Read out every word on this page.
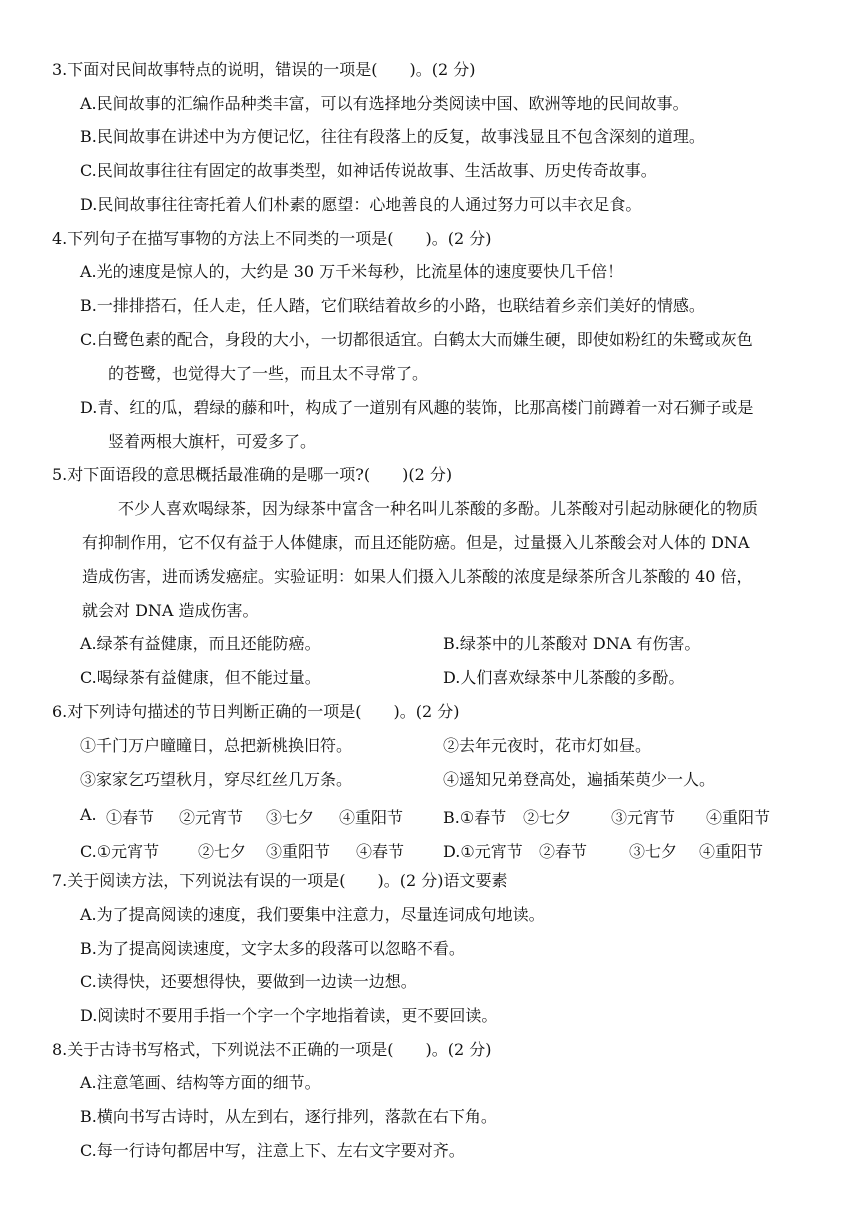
3.下面对民间故事特点的说明，错误的一项是(　　)。(2 分)
A.民间故事的汇编作品种类丰富，可以有选择地分类阅读中国、欧洲等地的民间故事。
B.民间故事在讲述中为方便记忆，往往有段落上的反复，故事浅显且不包含深刻的道理。
C.民间故事往往有固定的故事类型，如神话传说故事、生活故事、历史传奇故事。
D.民间故事往往寄托着人们朴素的愿望：心地善良的人通过努力可以丰衣足食。
4.下列句子在描写事物的方法上不同类的一项是(　　)。(2 分)
A.光的速度是惊人的，大约是 30 万千米每秒，比流星体的速度要快几千倍！
B.一排排搭石，任人走，任人踏，它们联结着故乡的小路，也联结着乡亲们美好的情感。
C.白鹭色素的配合，身段的大小，一切都很适宜。白鹤太大而嫌生硬，即使如粉红的朱鹭或灰色
的苍鹭，也觉得大了一些，而且太不寻常了。
D.青、红的瓜，碧绿的藤和叶，构成了一道别有风趣的装饰，比那高楼门前蹲着一对石狮子或是
竖着两根大旗杆，可爱多了。
5.对下面语段的意思概括最准确的是哪一项?(　　)(2 分)
不少人喜欢喝绿茶，因为绿茶中富含一种名叫儿茶酸的多酚。儿茶酸对引起动脉硬化的物质
有抑制作用，它不仅有益于人体健康，而且还能防癌。但是，过量摄入儿茶酸会对人体的 DNA
造成伤害，进而诱发癌症。实验证明：如果人们摄入儿茶酸的浓度是绿茶所含儿茶酸的 40 倍，
就会对 DNA 造成伤害。
A.绿茶有益健康，而且还能防癌。	B.绿茶中的儿茶酸对 DNA 有伤害。
C.喝绿茶有益健康，但不能过量。	D.人们喜欢绿茶中儿茶酸的多酚。
6.对下列诗句描述的节日判断正确的一项是(　　)。(2 分)
①千门万户曈曈日，总把新桃换旧符。	②去年元夜时，花市灯如昼。
③家家乞巧望秋月，穿尽红丝几万条。	④遥知兄弟登高处，遍插茱萸少一人。
A. ①春节 ②元宵节 ③七夕 ④重阳节 B.①春节 ②七夕 ③元宵节 ④重阳节
C.①元宵节 ②七夕 ③重阳节 ④春节 D.①元宵节 ②春节	③七夕 ④重阳节
7.关于阅读方法，下列说法有误的一项是(　　)。(2 分)语文要素
A.为了提高阅读的速度，我们要集中注意力，尽量连词成句地读。
B.为了提高阅读速度，文字太多的段落可以忽略不看。
C.读得快，还要想得快，要做到一边读一边想。
D.阅读时不要用手指一个字一个字地指着读，更不要回读。
8.关于古诗书写格式，下列说法不正确的一项是(　　)。(2 分)
A.注意笔画、结构等方面的细节。
B.横向书写古诗时，从左到右，逐行排列，落款在右下角。
C.每一行诗句都居中写，注意上下、左右文字要对齐。
